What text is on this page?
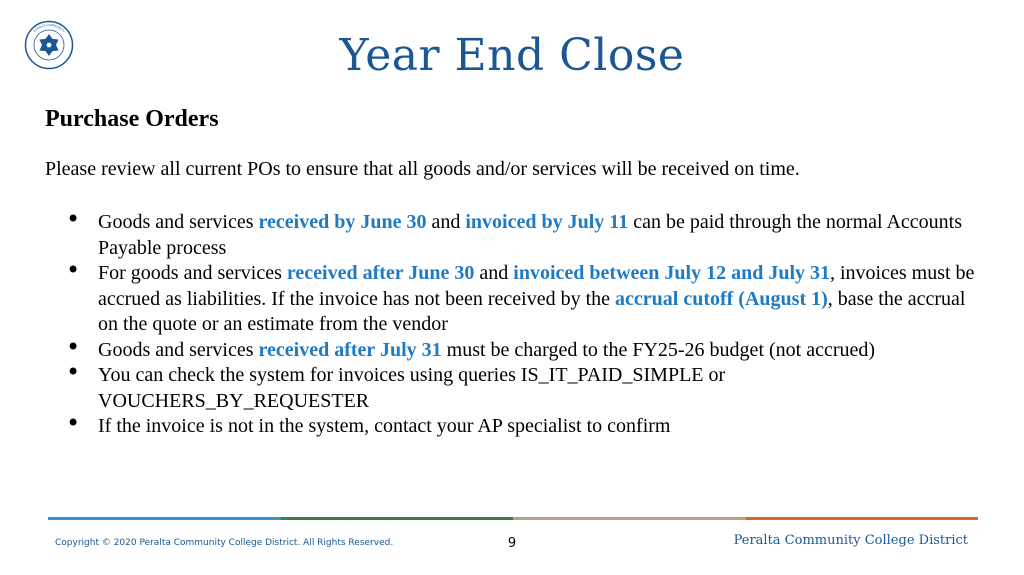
PERALTA COMMUNITY	Year End Close
Purchase Orders
Please review all current POs to ensure that all goods and/or services will be received on time.
• Goods and services received by June 30 and invoiced by July 11 can be paid through the normal Accounts Payable process
• For goods and services received after June 30 and invoiced between July 12 and July 31, invoices must be accrued as liabilities. If the invoice has not been received by the accrual cutoff (August 1), base the accrual on the quote or an estimate from the vendor
• Goods and services received after July 31 must be charged to the FY25-26 budget (not accrued)
• You can check the system for invoices using queries IS_IT_PAID_SIMPLE or VOUCHERS_BY_REQUESTER
• If the invoice is not in the system, contact your AP specialist to confirm
Copyright © 2020 Peralta Community College District. All Rights Reserved.	9	Peralta Community College District
